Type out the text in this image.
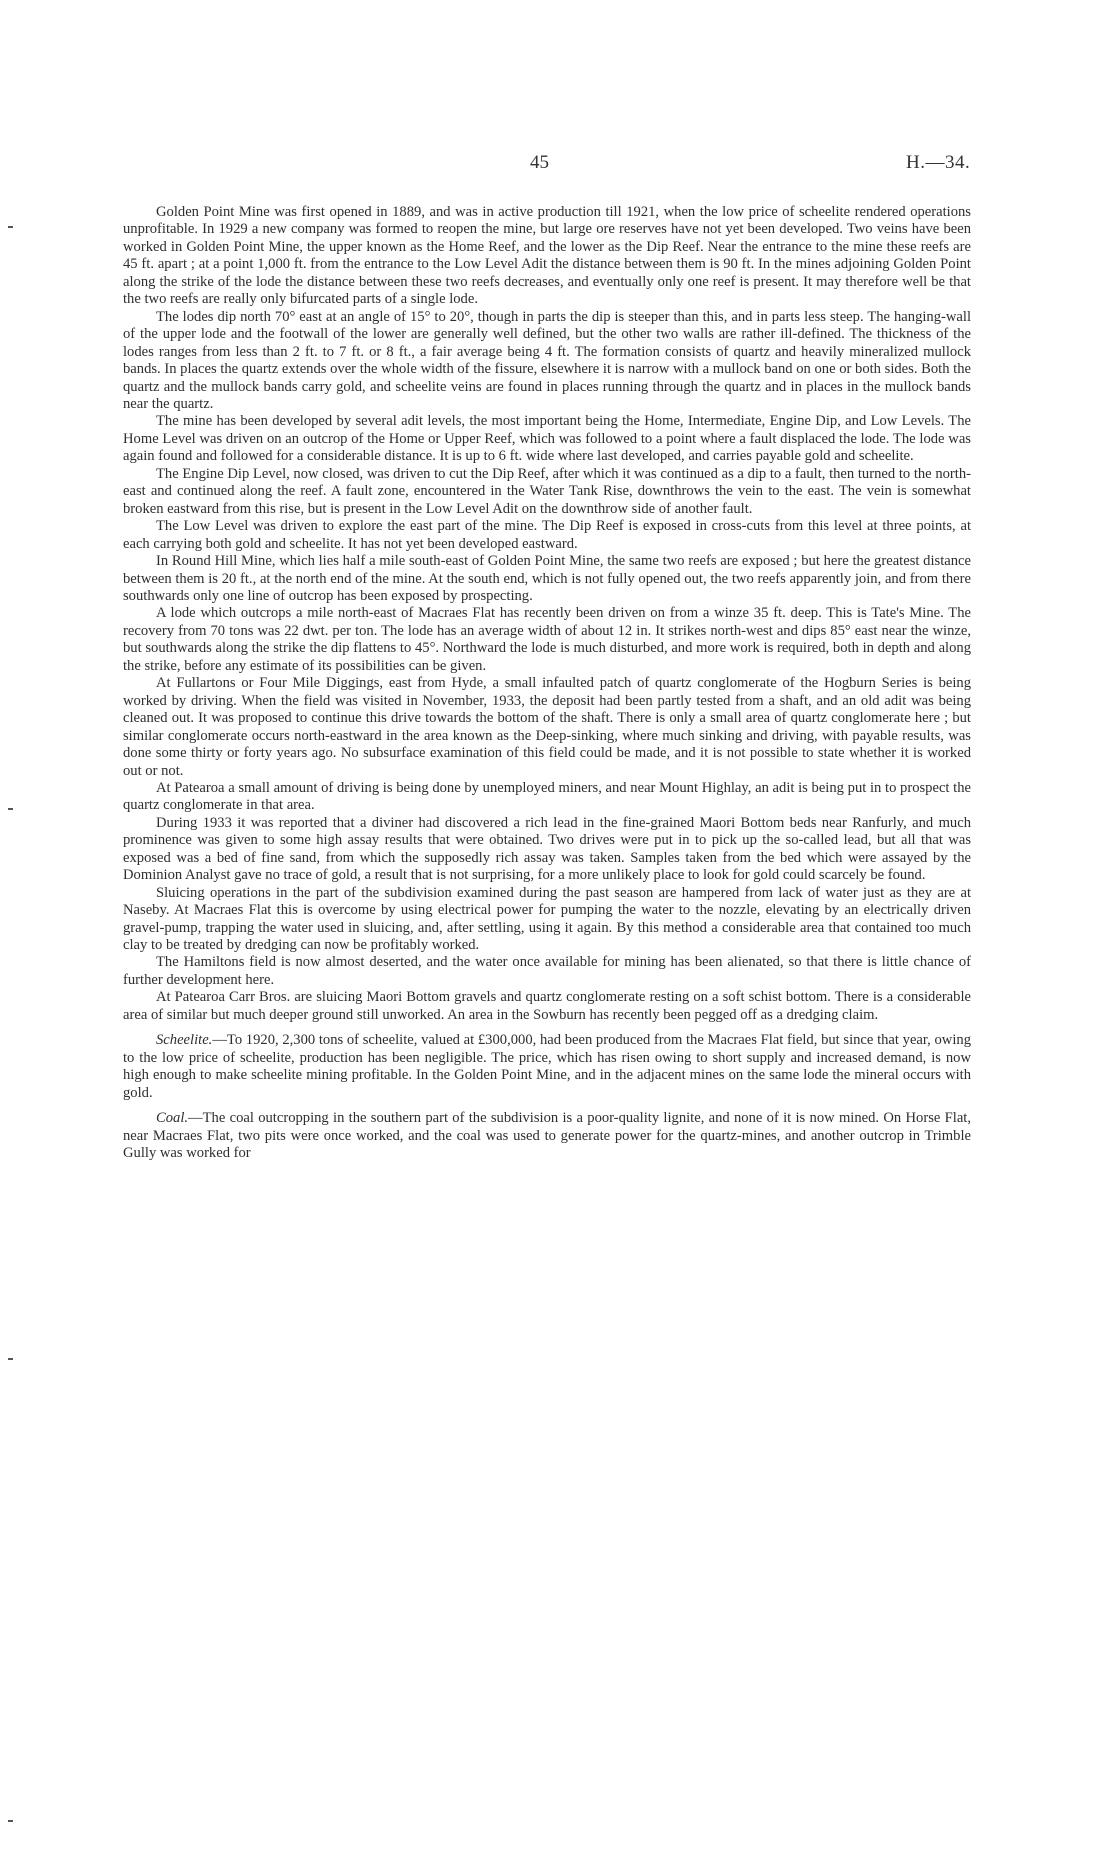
45	H.—34.

Golden Point Mine was first opened in 1889, and was in active production till 1921, when the low price of scheelite rendered operations unprofitable. In 1929 a new company was formed to reopen the mine, but large ore reserves have not yet been developed. Two veins have been worked in Golden Point Mine, the upper known as the Home Reef, and the lower as the Dip Reef. Near the entrance to the mine these reefs are 45 ft. apart ; at a point 1,000 ft. from the entrance to the Low Level Adit the distance between them is 90 ft. In the mines adjoining Golden Point along the strike of the lode the distance between these two reefs decreases, and eventually only one reef is present. It may therefore well be that the two reefs are really only bifurcated parts of a single lode.

The lodes dip north 70° east at an angle of 15° to 20°, though in parts the dip is steeper than this, and in parts less steep. The hanging-wall of the upper lode and the footwall of the lower are generally well defined, but the other two walls are rather ill-defined. The thickness of the lodes ranges from less than 2 ft. to 7 ft. or 8 ft., a fair average being 4 ft. The formation consists of quartz and heavily mineralized mullock bands. In places the quartz extends over the whole width of the fissure, elsewhere it is narrow with a mullock band on one or both sides. Both the quartz and the mullock bands carry gold, and scheelite veins are found in places running through the quartz and in places in the mullock bands near the quartz.

The mine has been developed by several adit levels, the most important being the Home, Intermediate, Engine Dip, and Low Levels. The Home Level was driven on an outcrop of the Home or Upper Reef, which was followed to a point where a fault displaced the lode. The lode was again found and followed for a considerable distance. It is up to 6 ft. wide where last developed, and carries payable gold and scheelite.

The Engine Dip Level, now closed, was driven to cut the Dip Reef, after which it was continued as a dip to a fault, then turned to the north-east and continued along the reef. A fault zone, encountered in the Water Tank Rise, downthrows the vein to the east. The vein is somewhat broken eastward from this rise, but is present in the Low Level Adit on the downthrow side of another fault.

The Low Level was driven to explore the east part of the mine. The Dip Reef is exposed in cross-cuts from this level at three points, at each carrying both gold and scheelite. It has not yet been developed eastward.

In Round Hill Mine, which lies half a mile south-east of Golden Point Mine, the same two reefs are exposed ; but here the greatest distance between them is 20 ft., at the north end of the mine. At the south end, which is not fully opened out, the two reefs apparently join, and from there southwards only one line of outcrop has been exposed by prospecting.

A lode which outcrops a mile north-east of Macraes Flat has recently been driven on from a winze 35 ft. deep. This is Tate's Mine. The recovery from 70 tons was 22 dwt. per ton. The lode has an average width of about 12 in. It strikes north-west and dips 85° east near the winze, but southwards along the strike the dip flattens to 45°. Northward the lode is much disturbed, and more work is required, both in depth and along the strike, before any estimate of its possibilities can be given.

At Fullartons or Four Mile Diggings, east from Hyde, a small infaulted patch of quartz conglomerate of the Hogburn Series is being worked by driving. When the field was visited in November, 1933, the deposit had been partly tested from a shaft, and an old adit was being cleaned out. It was proposed to continue this drive towards the bottom of the shaft. There is only a small area of quartz conglomerate here ; but similar conglomerate occurs north-eastward in the area known as the Deep-sinking, where much sinking and driving, with payable results, was done some thirty or forty years ago. No subsurface examination of this field could be made, and it is not possible to state whether it is worked out or not.

At Patearoa a small amount of driving is being done by unemployed miners, and near Mount Highlay, an adit is being put in to prospect the quartz conglomerate in that area.

During 1933 it was reported that a diviner had discovered a rich lead in the fine-grained Maori Bottom beds near Ranfurly, and much prominence was given to some high assay results that were obtained. Two drives were put in to pick up the so-called lead, but all that was exposed was a bed of fine sand, from which the supposedly rich assay was taken. Samples taken from the bed which were assayed by the Dominion Analyst gave no trace of gold, a result that is not surprising, for a more unlikely place to look for gold could scarcely be found.

Sluicing operations in the part of the subdivision examined during the past season are hampered from lack of water just as they are at Naseby. At Macraes Flat this is overcome by using electrical power for pumping the water to the nozzle, elevating by an electrically driven gravel-pump, trapping the water used in sluicing, and, after settling, using it again. By this method a considerable area that contained too much clay to be treated by dredging can now be profitably worked.

The Hamiltons field is now almost deserted, and the water once available for mining has been alienated, so that there is little chance of further development here.

At Patearoa Carr Bros. are sluicing Maori Bottom gravels and quartz conglomerate resting on a soft schist bottom. There is a considerable area of similar but much deeper ground still unworked. An area in the Sowburn has recently been pegged off as a dredging claim.

Scheelite.—To 1920, 2,300 tons of scheelite, valued at £300,000, had been produced from the Macraes Flat field, but since that year, owing to the low price of scheelite, production has been negligible. The price, which has risen owing to short supply and increased demand, is now high enough to make scheelite mining profitable. In the Golden Point Mine, and in the adjacent mines on the same lode the mineral occurs with gold.

Coal.—The coal outcropping in the southern part of the subdivision is a poor-quality lignite, and none of it is now mined. On Horse Flat, near Macraes Flat, two pits were once worked, and the coal was used to generate power for the quartz-mines, and another outcrop in Trimble Gully was worked for
